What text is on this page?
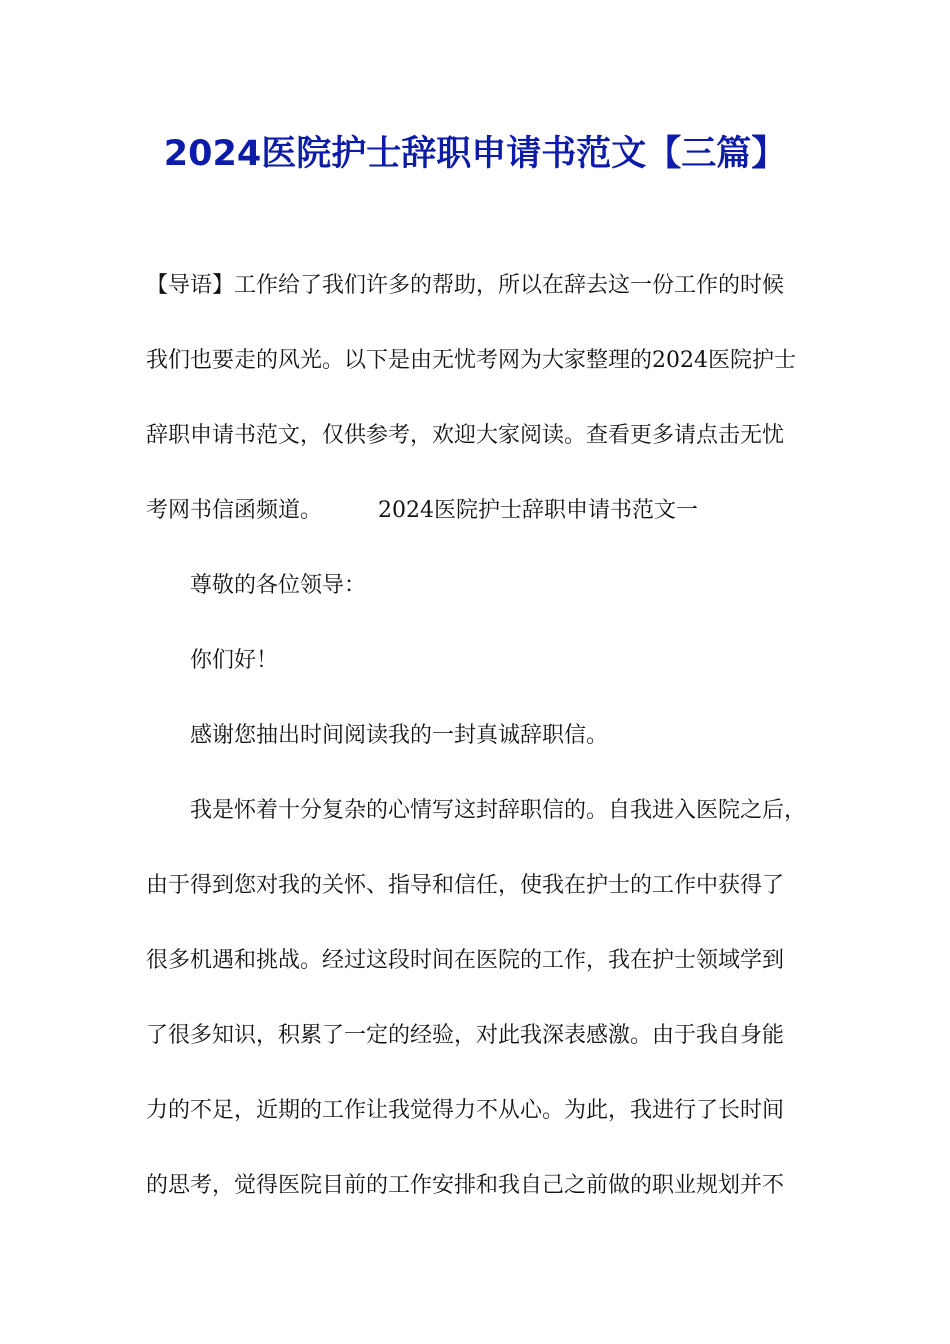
2024医院护士辞职申请书范文【三篇】
【导语】工作给了我们许多的帮助，所以在辞去这一份工作的时候
我们也要走的风光。以下是由无忧考网为大家整理的2024医院护士
辞职申请书范文，仅供参考，欢迎大家阅读。查看更多请点击无忧
考网书信函频道。	2024医院护士辞职申请书范文一
尊敬的各位领导：
你们好！
感谢您抽出时间阅读我的一封真诚辞职信。
我是怀着十分复杂的心情写这封辞职信的。自我进入医院之后，
由于得到您对我的关怀、指导和信任，使我在护士的工作中获得了
很多机遇和挑战。经过这段时间在医院的工作，我在护士领域学到
了很多知识，积累了一定的经验，对此我深表感激。由于我自身能
力的不足，近期的工作让我觉得力不从心。为此，我进行了长时间
的思考，觉得医院目前的工作安排和我自己之前做的职业规划并不
